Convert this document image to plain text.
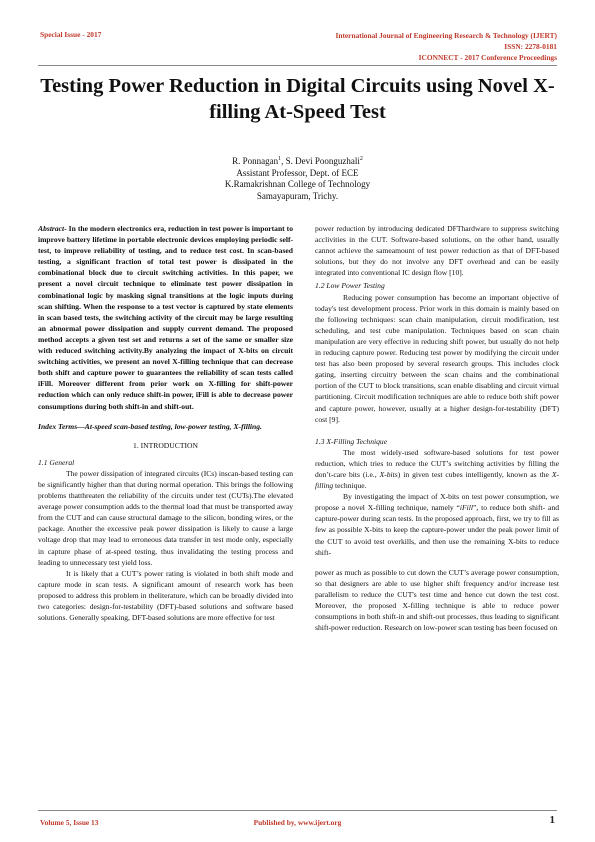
Special Issue - 2017	International Journal of Engineering Research & Technology (IJERT)
ISSN: 2278-0181
ICONNECT - 2017 Conference Proceedings
Testing Power Reduction in Digital Circuits using Novel X-filling At-Speed Test
R. Ponnagan$^1$, S. Devi Poonguzhali$^2$
Assistant Professor, Dept. of ECE
K.Ramakrishnan College of Technology
Samayapuram, Trichy.

Abstract- In the modern electronics era, reduction in test power is important to improve battery lifetime in portable electronic devices employing periodic self-test, to improve reliability of testing, and to reduce test cost. In scan-based testing, a significant fraction of total test power is dissipated in the combinational block due to circuit switching activities. In this paper, we present a novel circuit technique to eliminate test power dissipation in combinational logic by masking signal transitions at the logic inputs during scan shifting. When the response to a test vector is captured by state elements in scan based tests, the switching activity of the circuit may be large resulting an abnormal power dissipation and supply current demand. The proposed method accepts a given test set and returns a set of the same or smaller size with reduced switching activity.By analyzing the impact of X-bits on circuit switching activities, we present an novel X-filling technique that can decrease both shift and capture power to guarantees the reliability of scan tests called iFill. Moreover different from prior work on X-filling for shift-power reduction which can only reduce shift-in power, iFill is able to decrease power consumptions during both shift-in and shift-out.

Index Terms—At-speed scan-based testing, low-power testing, X-filling.

1. INTRODUCTION

1.1 General

The power dissipation of integrated circuits (ICs) inscan-based testing can be significantly higher than that during normal operation. This brings the following problems thatthreaten the reliability of the circuits under test (CUTs).The elevated average power consumption adds to the thermal load that must be transported away from the CUT and can cause structural damage to the silicon, bonding wires, or the package. Another the excessive peak power dissipation is likely to cause a large voltage drop that may lead to erroneous data transfer in test mode only, especially in capture phase of at-speed testing, thus invalidating the testing process and leading to unnecessary test yield loss.

It is likely that a CUT’s power rating is violated in both shift mode and capture mode in scan tests. A significant amount of research work has been proposed to address this problem in theliterature, which can be broadly divided into two categories: design-for-testability (DFT)-based solutions and software based solutions. Generally speaking, DFT-based solutions are more effective for test

power reduction by introducing dedicated DFThardware to suppress switching acclivities in the CUT. Software-based solutions, on the other hand, usually cannot achieve the sameamount of test power reduction as that of DFT-based solutions, but they do not involve any DFT overhead and can be easily integrated into conventional IC design flow [10].

1.2 Low Power Testing

Reducing power consumption has become an important objective of today's test development process. Prior work in this domain is mainly based on the following techniques: scan chain manipulation, circuit modification, test scheduling, and test cube manipulation. Techniques based on scan chain manipulation are very effective in reducing shift power, but usually do not help in reducing capture power. Reducing test power by modifying the circuit under test has also been proposed by several research groups. This includes clock gating, inserting circuitry between the scan chains and the combinational portion of the CUT to block transitions, scan enable disabling and circuit virtual partitioning. Circuit modification techniques are able to reduce both shift power and capture power, however, usually at a higher design-for-testability (DFT) cost [9].

1.3 X-Filling Technique

The most widely-used software-based solutions for test power reduction, which tries to reduce the CUT’s switching activities by filling the don’t-care bits (i.e., X-bits) in given test cubes intelligently, known as the X-filling technique.

By investigating the impact of X-bits on test power consumption, we propose a novel X-filling technique, namely “iFill”, to reduce both shift- and capture-power during scan tests. In the proposed approach, first, we try to fill as few as possible X-bits to keep the capture-power under the peak power limit of the CUT to avoid test overkills, and then use the remaining X-bits to reduce shift-

power as much as possible to cut down the CUT’s average power consumption, so that designers are able to use higher shift frequency and/or increase test parallelism to reduce the CUT's test time and hence cut down the test cost. Moreover, the proposed X-filling technique is able to reduce power consumptions in both shift-in and shift-out processes, thus leading to significant shift-power reduction. Research on low-power scan testing has been focused on

Volume 5, Issue 13	Published by, www.ijert.org	1
